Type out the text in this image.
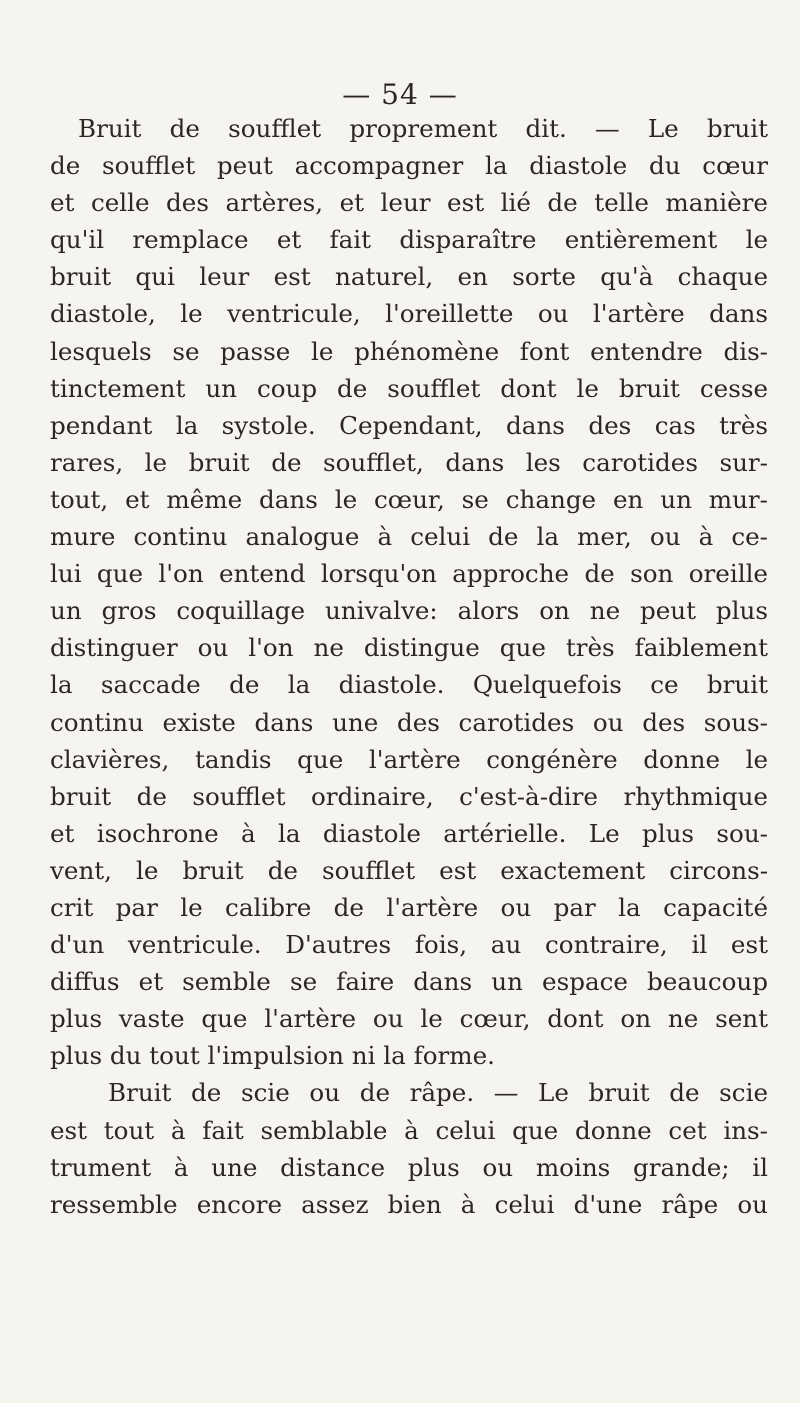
— 54 —
Bruit de soufflet proprement dit. — Le bruit
de soufflet peut accompagner la diastole du cœur
et celle des artères, et leur est lié de telle manière
qu'il remplace et fait disparaître entièrement le
bruit qui leur est naturel, en sorte qu'à chaque
diastole, le ventricule, l'oreillette ou l'artère dans
lesquels se passe le phénomène font entendre dis-
tinctement un coup de soufflet dont le bruit cesse
pendant la systole. Cependant, dans des cas très
rares, le bruit de soufflet, dans les carotides sur-
tout, et même dans le cœur, se change en un mur-
mure continu analogue à celui de la mer, ou à ce-
lui que l'on entend lorsqu'on approche de son oreille
un gros coquillage univalve: alors on ne peut plus
distinguer ou l'on ne distingue que très faiblement
la saccade de la diastole. Quelquefois ce bruit
continu existe dans une des carotides ou des sous-
clavières, tandis que l'artère congénère donne le
bruit de soufflet ordinaire, c'est-à-dire rhythmique
et isochrone à la diastole artérielle. Le plus sou-
vent, le bruit de soufflet est exactement circons-
crit par le calibre de l'artère ou par la capacité
d'un ventricule. D'autres fois, au contraire, il est
diffus et semble se faire dans un espace beaucoup
plus vaste que l'artère ou le cœur, dont on ne sent
plus du tout l'impulsion ni la forme.
Bruit de scie ou de râpe. — Le bruit de scie
est tout à fait semblable à celui que donne cet ins-
trument à une distance plus ou moins grande; il
ressemble encore assez bien à celui d'une râpe ou
